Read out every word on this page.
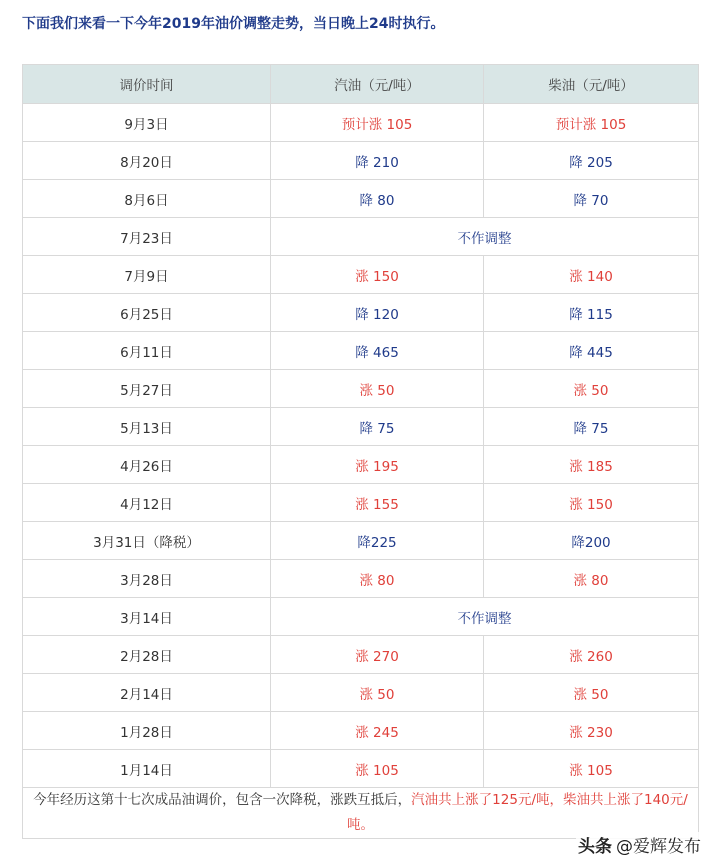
下面我们来看一下今年2019年油价调整走势，当日晚上24时执行。
调价时间	汽油（元/吨）	柴油（元/吨）
9月3日	预计涨 105	预计涨 105
8月20日	降 210	降 205
8月6日	降 80	降 70
7月23日	不作调整	
7月9日	涨 150	涨 140
6月25日	降 120	降 115
6月11日	降 465	降 445
5月27日	涨 50	涨 50
5月13日	降 75	降 75
4月26日	涨 195	涨 185
4月12日	涨 155	涨 150
3月31日（降税）	降225	降200
3月28日	涨 80	涨 80
3月14日	不作调整	
2月28日	涨 270	涨 260
2月14日	涨 50	涨 50
1月28日	涨 245	涨 230
1月14日	涨 105	涨 105
今年经历这第十七次成品油调价，包含一次降税，涨跌互抵后，汽油共上涨了125元/吨，柴油共上涨了140元/吨。		
头条 @爱辉发布
